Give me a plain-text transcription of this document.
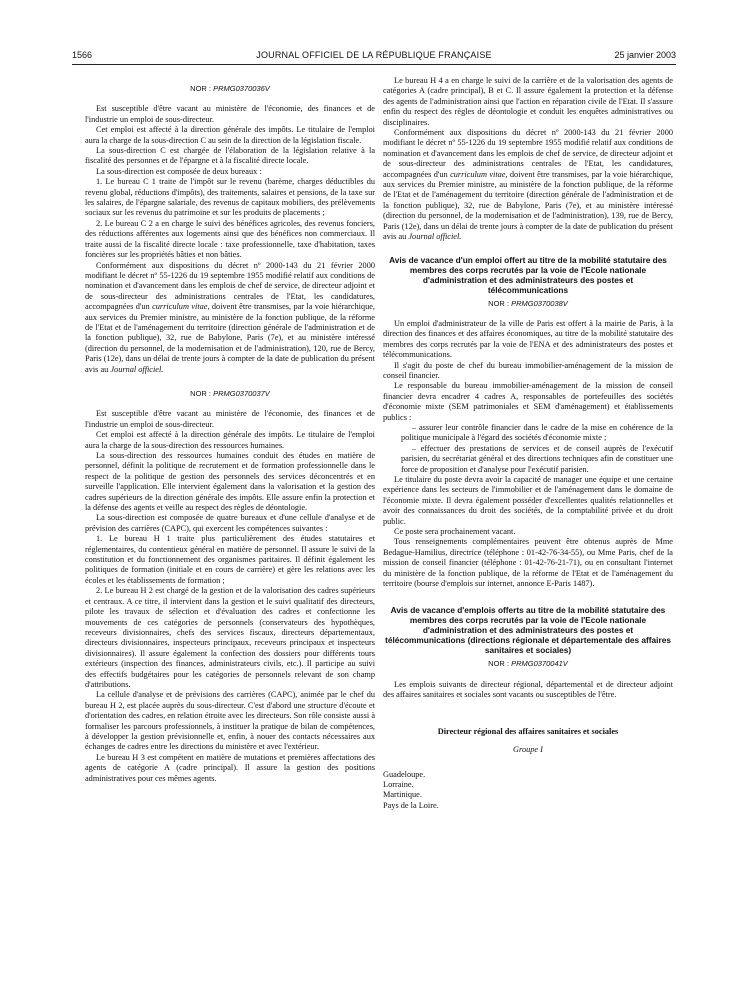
1566	JOURNAL OFFICIEL DE LA RÉPUBLIQUE FRANÇAISE	25 janvier 2003
NOR : PRMG0370036V

Est susceptible d'être vacant au ministère de l'économie, des finances et de l'industrie un emploi de sous-directeur.

Cet emploi est affecté à la direction générale des impôts. Le titulaire de l'emploi aura la charge de la sous-direction C au sein de la direction de la législation fiscale.

La sous-direction C est chargée de l'élaboration de la législation relative à la fiscalité des personnes et de l'épargne et à la fiscalité directe locale.

La sous-direction est composée de deux bureaux :

1. Le bureau C 1 traite de l'impôt sur le revenu (barème, charges déductibles du revenu global, réductions d'impôts), des traitements, salaires et pensions, de la taxe sur les salaires, de l'épargne salariale, des revenus de capitaux mobiliers, des prélèvements sociaux sur les revenus du patrimoine et sur les produits de placements ;

2. Le bureau C 2 a en charge le suivi des bénéfices agricoles, des revenus fonciers, des réductions afférentes aux logements ainsi que des bénéfices non commerciaux. Il traite aussi de la fiscalité directe locale : taxe professionnelle, taxe d'habitation, taxes foncières sur les propriétés bâties et non bâties.

Conformément aux dispositions du décret nº 2000-143 du 21 février 2000 modifiant le décret nº 55-1226 du 19 septembre 1955 modifié relatif aux conditions de nomination et d'avancement dans les emplois de chef de service, de directeur adjoint et de sous-directeur des administrations centrales de l'Etat, les candidatures, accompagnées d'un curriculum vitae, doivent être transmises, par la voie hiérarchique, aux services du Premier ministre, au ministère de la fonction publique, de la réforme de l'Etat et de l'aménagement du territoire (direction générale de l'administration et de la fonction publique), 32, rue de Babylone, Paris (7e), et au ministère intéressé (direction du personnel, de la modernisation et de l'administration), 120, rue de Bercy, Paris (12e), dans un délai de trente jours à compter de la date de publication du présent avis au Journal officiel.

NOR : PRMG0370037V

Est susceptible d'être vacant au ministère de l'économie, des finances et de l'industrie un emploi de sous-directeur.

Cet emploi est affecté à la direction générale des impôts. Le titulaire de l'emploi aura la charge de la sous-direction des ressources humaines.

La sous-direction des ressources humaines conduit des études en matière de personnel, définit la politique de recrutement et de formation professionnelle dans le respect de la politique de gestion des personnels des services déconcentrés et en surveille l'application. Elle intervient également dans la valorisation et la gestion des cadres supérieurs de la direction générale des impôts. Elle assure enfin la protection et la défense des agents et veille au respect des règles de déontologie.

La sous-direction est composée de quatre bureaux et d'une cellule d'analyse et de prévision des carrières (CAPC), qui exercent les compétences suivantes :

1. Le bureau H 1 traite plus particulièrement des études statutaires et réglementaires, du contentieux général en matière de personnel. Il assure le suivi de la constitution et du fonctionnement des organismes paritaires. Il définit également les politiques de formation (initiale et en cours de carrière) et gère les relations avec les écoles et les établissements de formation ;

2. Le bureau H 2 est chargé de la gestion et de la valorisation des cadres supérieurs et centraux. A ce titre, il intervient dans la gestion et le suivi qualitatif des directeurs, pilote les travaux de sélection et d'évaluation des cadres et confectionne les mouvements de ces catégories de personnels (conservateurs des hypothèques, receveurs divisionnaires, chefs des services fiscaux, directeurs départementaux, directeurs divisionnaires, inspecteurs principaux, receveurs principaux et inspecteurs divisionnaires). Il assure également la confection des dossiers pour différents tours extérieurs (inspection des finances, administrateurs civils, etc.). Il participe au suivi des effectifs budgétaires pour les catégories de personnels relevant de son champ d'attributions.

La cellule d'analyse et de prévisions des carrières (CAPC), animée par le chef du bureau H 2, est placée auprès du sous-directeur. C'est d'abord une structure d'écoute et d'orientation des cadres, en relation étroite avec les directeurs. Son rôle consiste aussi à formaliser les parcours professionnels, à instituer la pratique de bilan de compétences, à développer la gestion prévisionnelle et, enfin, à nouer des contacts nécessaires aux échanges de cadres entre les directions du ministère et avec l'extérieur.

Le bureau H 3 est compétent en matière de mutations et premières affectations des agents de catégorie A (cadre principal). Il assure la gestion des positions administratives pour ces mêmes agents.

Le bureau H 4 a en charge le suivi de la carrière et de la valorisation des agents de catégories A (cadre principal), B et C. Il assure également la protection et la défense des agents de l'administration ainsi que l'action en réparation civile de l'Etat. Il s'assure enfin du respect des règles de déontologie et conduit les enquêtes administratives ou disciplinaires.

Conformément aux dispositions du décret nº 2000-143 du 21 février 2000 modifiant le décret nº 55-1226 du 19 septembre 1955 modifié relatif aux conditions de nomination et d'avancement dans les emplois de chef de service, de directeur adjoint et de sous-directeur des administrations centrales de l'Etat, les candidatures, accompagnées d'un curriculum vitae, doivent être transmises, par la voie hiérarchique, aux services du Premier ministre, au ministère de la fonction publique, de la réforme de l'Etat et de l'aménagement du territoire (direction générale de l'administration et de la fonction publique), 32, rue de Babylone, Paris (7e), et au ministère intéressé (direction du personnel, de la modernisation et de l'administration), 139, rue de Bercy, Paris (12e), dans un délai de trente jours à compter de la date de publication du présent avis au Journal officiel.

Avis de vacance d'un emploi offert au titre de la mobilité statutaire des membres des corps recrutés par la voie de l'Ecole nationale d'administration et des administrateurs des postes et télécommunications
NOR : PRMG0370038V

Un emploi d'administrateur de la ville de Paris est offert à la mairie de Paris, à la direction des finances et des affaires économiques, au titre de la mobilité statutaire des membres des corps recrutés par la voie de l'ENA et des administrateurs des postes et télécommunications.

Il s'agit du poste de chef du bureau immobilier-aménagement de la mission de conseil financier.

Le responsable du bureau immobilier-aménagement de la mission de conseil financier devra encadrer 4 cadres A, responsables de portefeuilles des sociétés d'économie mixte (SEM patrimoniales et SEM d'aménagement) et établissements publics :

– assurer leur contrôle financier dans le cadre de la mise en cohérence de la politique municipale à l'égard des sociétés d'économie mixte ;

– effectuer des prestations de services et de conseil auprès de l'exécutif parisien, du secrétariat général et des directions techniques afin de constituer une force de proposition et d'analyse pour l'exécutif parisien.

Le titulaire du poste devra avoir la capacité de manager une équipe et une certaine expérience dans les secteurs de l'immobilier et de l'aménagement dans le domaine de l'économie mixte. Il devra également posséder d'excellentes qualités relationnelles et avoir des connaissances du droit des sociétés, de la comptabilité privée et du droit public.

Ce poste sera prochainement vacant.

Tous renseignements complémentaires peuvent être obtenus auprès de Mme Bedague-Hamilius, directrice (téléphone : 01-42-76-34-55), ou Mme Paris, chef de la mission de conseil financier (téléphone : 01-42-76-21-71), ou en consultant l'internet du ministère de la fonction publique, de la réforme de l'Etat et de l'aménagement du territoire (bourse d'emplois sur internet, annonce E-Paris 1487).

Avis de vacance d'emplois offerts au titre de la mobilité statutaire des membres des corps recrutés par la voie de l'Ecole nationale d'administration et des administrateurs des postes et télécommunications (directions régionale et départementale des affaires sanitaires et sociales)
NOR : PRMG0370041V

Les emplois suivants de directeur régional, départemental et de directeur adjoint des affaires sanitaires et sociales sont vacants ou susceptibles de l'être.

Directeur régional des affaires sanitaires et sociales
Groupe I

Guadeloupe.

Lorraine.

Martinique.

Pays de la Loire.
